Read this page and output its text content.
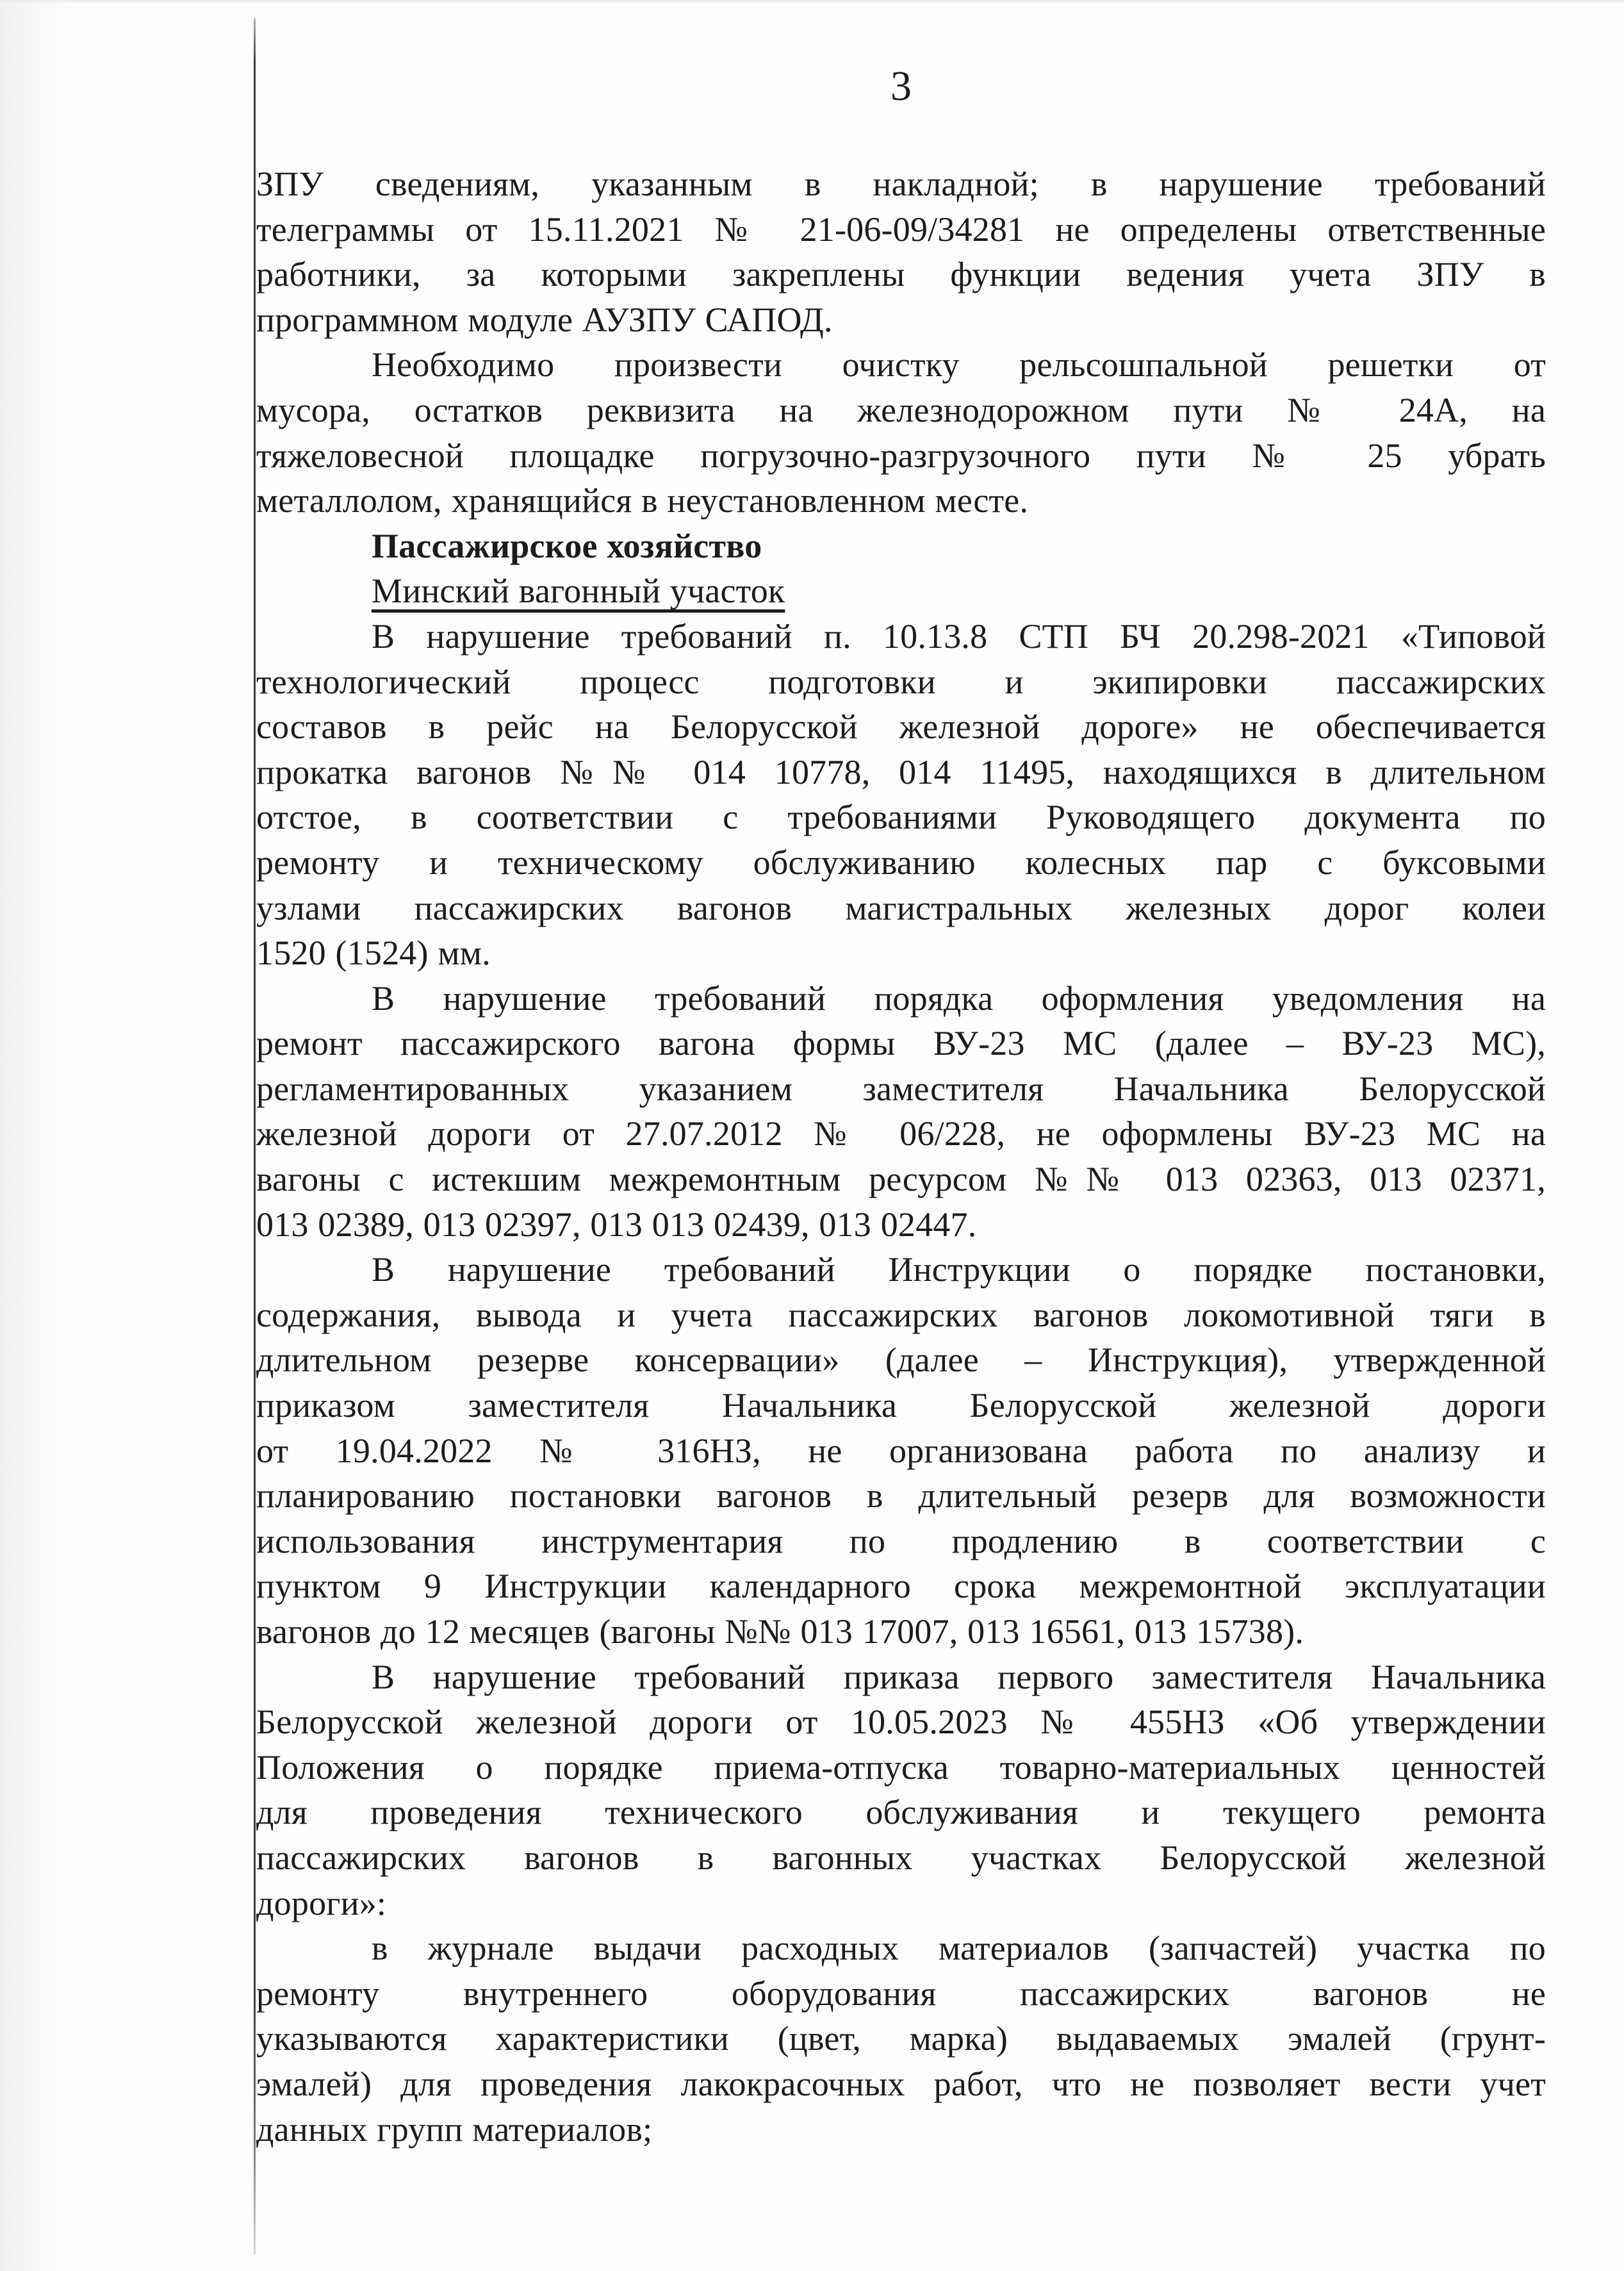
3
ЗПУ сведениям, указанным в накладной; в нарушение требований
телеграммы от 15.11.2021 № 21-06-09/34281 не определены ответственные
работники, за которыми закреплены функции ведения учета ЗПУ в
программном модуле АУЗПУ САПОД.
Необходимо произвести очистку рельсошпальной решетки от
мусора, остатков реквизита на железнодорожном пути № 24А, на
тяжеловесной площадке погрузочно-разгрузочного пути № 25 убрать
металлолом, хранящийся в неустановленном месте.
Пассажирское хозяйство
Минский вагонный участок
В нарушение требований п. 10.13.8 СТП БЧ 20.298-2021 «Типовой
технологический процесс подготовки и экипировки пассажирских
составов в рейс на Белорусской железной дороге» не обеспечивается
прокатка вагонов №№ 014 10778, 014 11495, находящихся в длительном
отстое, в соответствии с требованиями Руководящего документа по
ремонту и техническому обслуживанию колесных пар с буксовыми
узлами пассажирских вагонов магистральных железных дорог колеи
1520 (1524) мм.
В нарушение требований порядка оформления уведомления на
ремонт пассажирского вагона формы ВУ-23 МС (далее – ВУ-23 МС),
регламентированных указанием заместителя Начальника Белорусской
железной дороги от 27.07.2012 № 06/228, не оформлены ВУ-23 МС на
вагоны с истекшим межремонтным ресурсом №№ 013 02363, 013 02371,
013 02389, 013 02397, 013 013 02439, 013 02447.
В нарушение требований Инструкции о порядке постановки,
содержания, вывода и учета пассажирских вагонов локомотивной тяги в
длительном резерве консервации» (далее – Инструкция), утвержденной
приказом заместителя Начальника Белорусской железной дороги
от 19.04.2022 № 316НЗ, не организована работа по анализу и
планированию постановки вагонов в длительный резерв для возможности
использования инструментария по продлению в соответствии с
пунктом 9 Инструкции календарного срока межремонтной эксплуатации
вагонов до 12 месяцев (вагоны №№ 013 17007, 013 16561, 013 15738).
В нарушение требований приказа первого заместителя Начальника
Белорусской железной дороги от 10.05.2023 № 455НЗ «Об утверждении
Положения о порядке приема-отпуска товарно-материальных ценностей
для проведения технического обслуживания и текущего ремонта
пассажирских вагонов в вагонных участках Белорусской железной
дороги»:
в журнале выдачи расходных материалов (запчастей) участка по
ремонту внутреннего оборудования пассажирских вагонов не
указываются характеристики (цвет, марка) выдаваемых эмалей (грунт-
эмалей) для проведения лакокрасочных работ, что не позволяет вести учет
данных групп материалов;
